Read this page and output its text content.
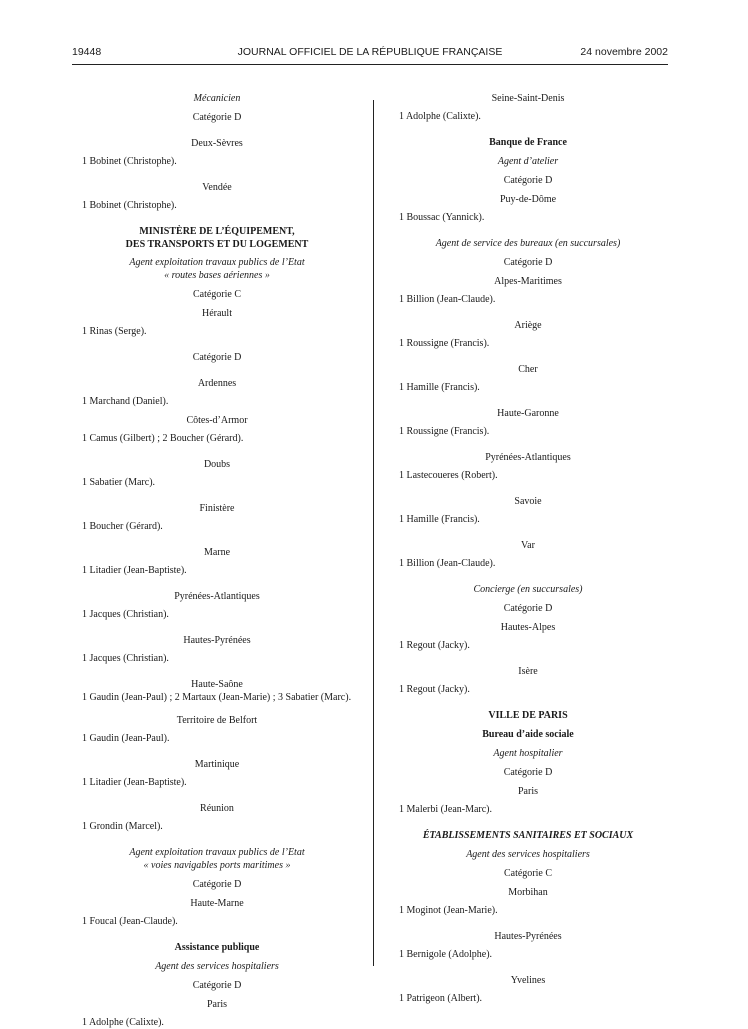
19448	JOURNAL OFFICIEL DE LA RÉPUBLIQUE FRANÇAISE	24 novembre 2002
Mécanicien
Catégorie D
Deux-Sèvres
1 Bobinet (Christophe).
Vendée
1 Bobinet (Christophe).
MINISTÈRE DE L’ÉQUIPEMENT,
DES TRANSPORTS ET DU LOGEMENT
Agent exploitation travaux publics de l’Etat
« routes bases aériennes »
Catégorie C
Hérault
1 Rinas (Serge).
Catégorie D
Ardennes
1 Marchand (Daniel).
Côtes-d’Armor
1 Camus (Gilbert) ; 2 Boucher (Gérard).
Doubs
1 Sabatier (Marc).
Finistère
1 Boucher (Gérard).
Marne
1 Litadier (Jean-Baptiste).
Pyrénées-Atlantiques
1 Jacques (Christian).
Hautes-Pyrénées
1 Jacques (Christian).
Haute-Saône
1 Gaudin (Jean-Paul) ; 2 Martaux (Jean-Marie) ; 3 Sabatier (Marc).
Territoire de Belfort
1 Gaudin (Jean-Paul).
Martinique
1 Litadier (Jean-Baptiste).
Réunion
1 Grondin (Marcel).
Agent exploitation travaux publics de l’Etat
« voies navigables ports maritimes »
Catégorie D
Haute-Marne
1 Foucal (Jean-Claude).
Assistance publique
Agent des services hospitaliers
Catégorie D
Paris
1 Adolphe (Calixte).
Seine-Saint-Denis
1 Adolphe (Calixte).
Banque de France
Agent d’atelier
Catégorie D
Puy-de-Dôme
1 Boussac (Yannick).
Agent de service des bureaux (en succursales)
Catégorie D
Alpes-Maritimes
1 Billion (Jean-Claude).
Ariège
1 Roussigne (Francis).
Cher
1 Hamille (Francis).
Haute-Garonne
1 Roussigne (Francis).
Pyrénées-Atlantiques
1 Lastecoueres (Robert).
Savoie
1 Hamille (Francis).
Var
1 Billion (Jean-Claude).
Concierge (en succursales)
Catégorie D
Hautes-Alpes
1 Regout (Jacky).
Isère
1 Regout (Jacky).
VILLE DE PARIS
Bureau d’aide sociale
Agent hospitalier
Catégorie D
Paris
1 Malerbi (Jean-Marc).
ÉTABLISSEMENTS SANITAIRES ET SOCIAUX
Agent des services hospitaliers
Catégorie C
Morbihan
1 Moginot (Jean-Marie).
Hautes-Pyrénées
1 Bernigole (Adolphe).
Yvelines
1 Patrigeon (Albert).
